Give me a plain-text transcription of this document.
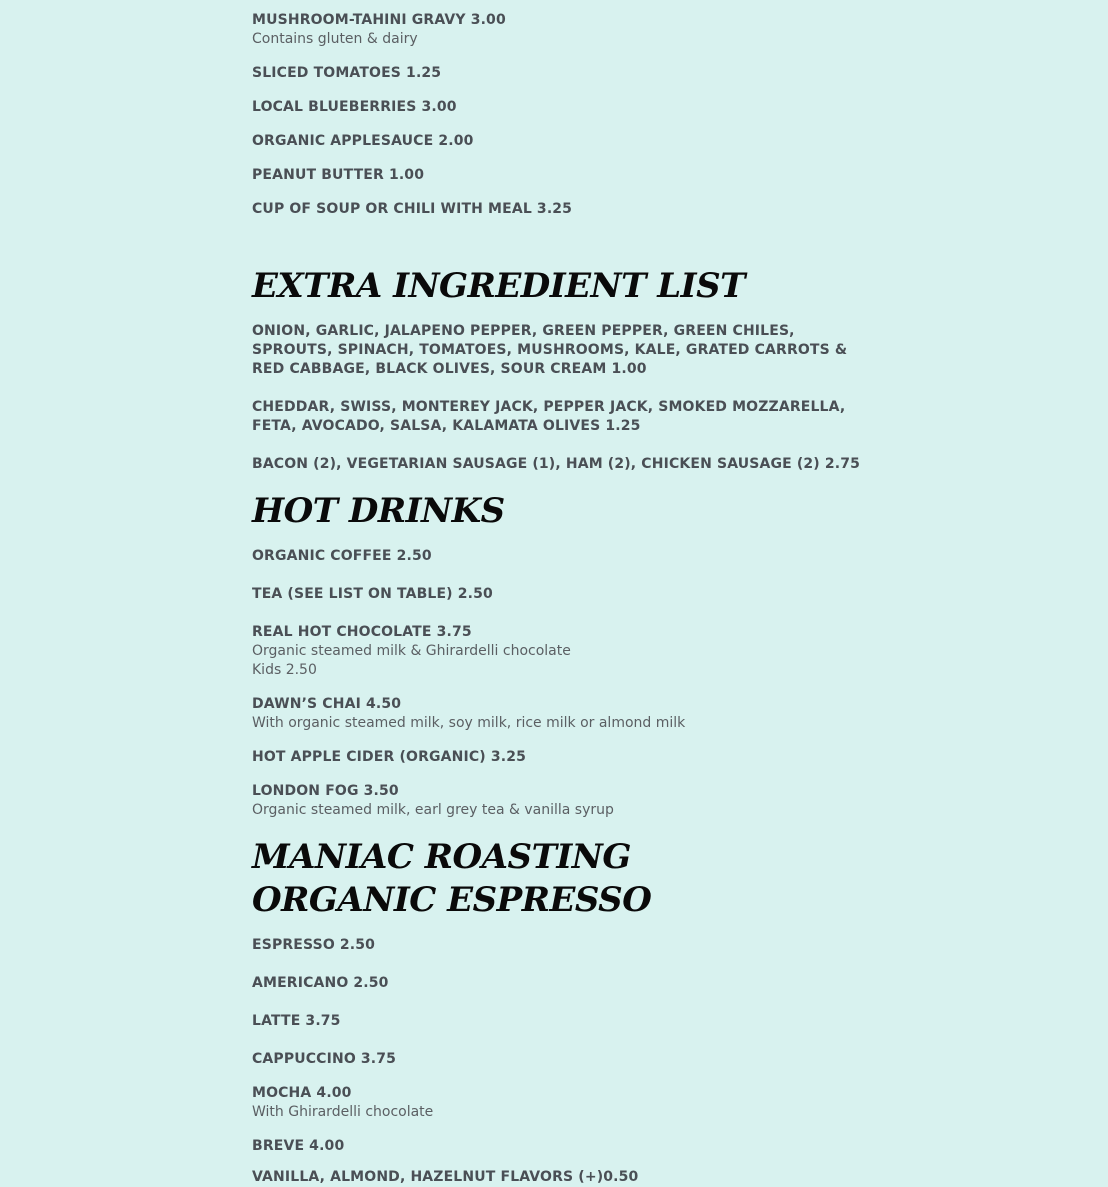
MUSHROOM-TAHINI GRAVY 3.00

Contains gluten & dairy

SLICED TOMATOES 1.25

LOCAL BLUEBERRIES 3.00

ORGANIC APPLESAUCE 2.00

PEANUT BUTTER 1.00

CUP OF SOUP OR CHILI WITH MEAL 3.25

EXTRA INGREDIENT LIST

ONION, GARLIC, JALAPENO PEPPER, GREEN PEPPER, GREEN CHILES, SPROUTS, SPINACH, TOMATOES, MUSHROOMS, KALE, GRATED CARROTS & RED CABBAGE, BLACK OLIVES, SOUR CREAM 1.00

CHEDDAR, SWISS, MONTEREY JACK, PEPPER JACK, SMOKED MOZZARELLA, FETA, AVOCADO, SALSA, KALAMATA OLIVES 1.25

BACON (2), VEGETARIAN SAUSAGE (1), HAM (2), CHICKEN SAUSAGE (2) 2.75

HOT DRINKS

ORGANIC COFFEE 2.50

TEA (SEE LIST ON TABLE) 2.50

REAL HOT CHOCOLATE 3.75

Organic steamed milk & Ghirardelli chocolate

Kids 2.50

DAWN’S CHAI 4.50

With organic steamed milk, soy milk, rice milk or almond milk

HOT APPLE CIDER (ORGANIC) 3.25

LONDON FOG 3.50

Organic steamed milk, earl grey tea & vanilla syrup

MANIAC ROASTING ORGANIC ESPRESSO

ESPRESSO 2.50

AMERICANO 2.50

LATTE 3.75

CAPPUCCINO 3.75

MOCHA 4.00

With Ghirardelli chocolate

BREVE 4.00

VANILLA, ALMOND, HAZELNUT FLAVORS (+)0.50
